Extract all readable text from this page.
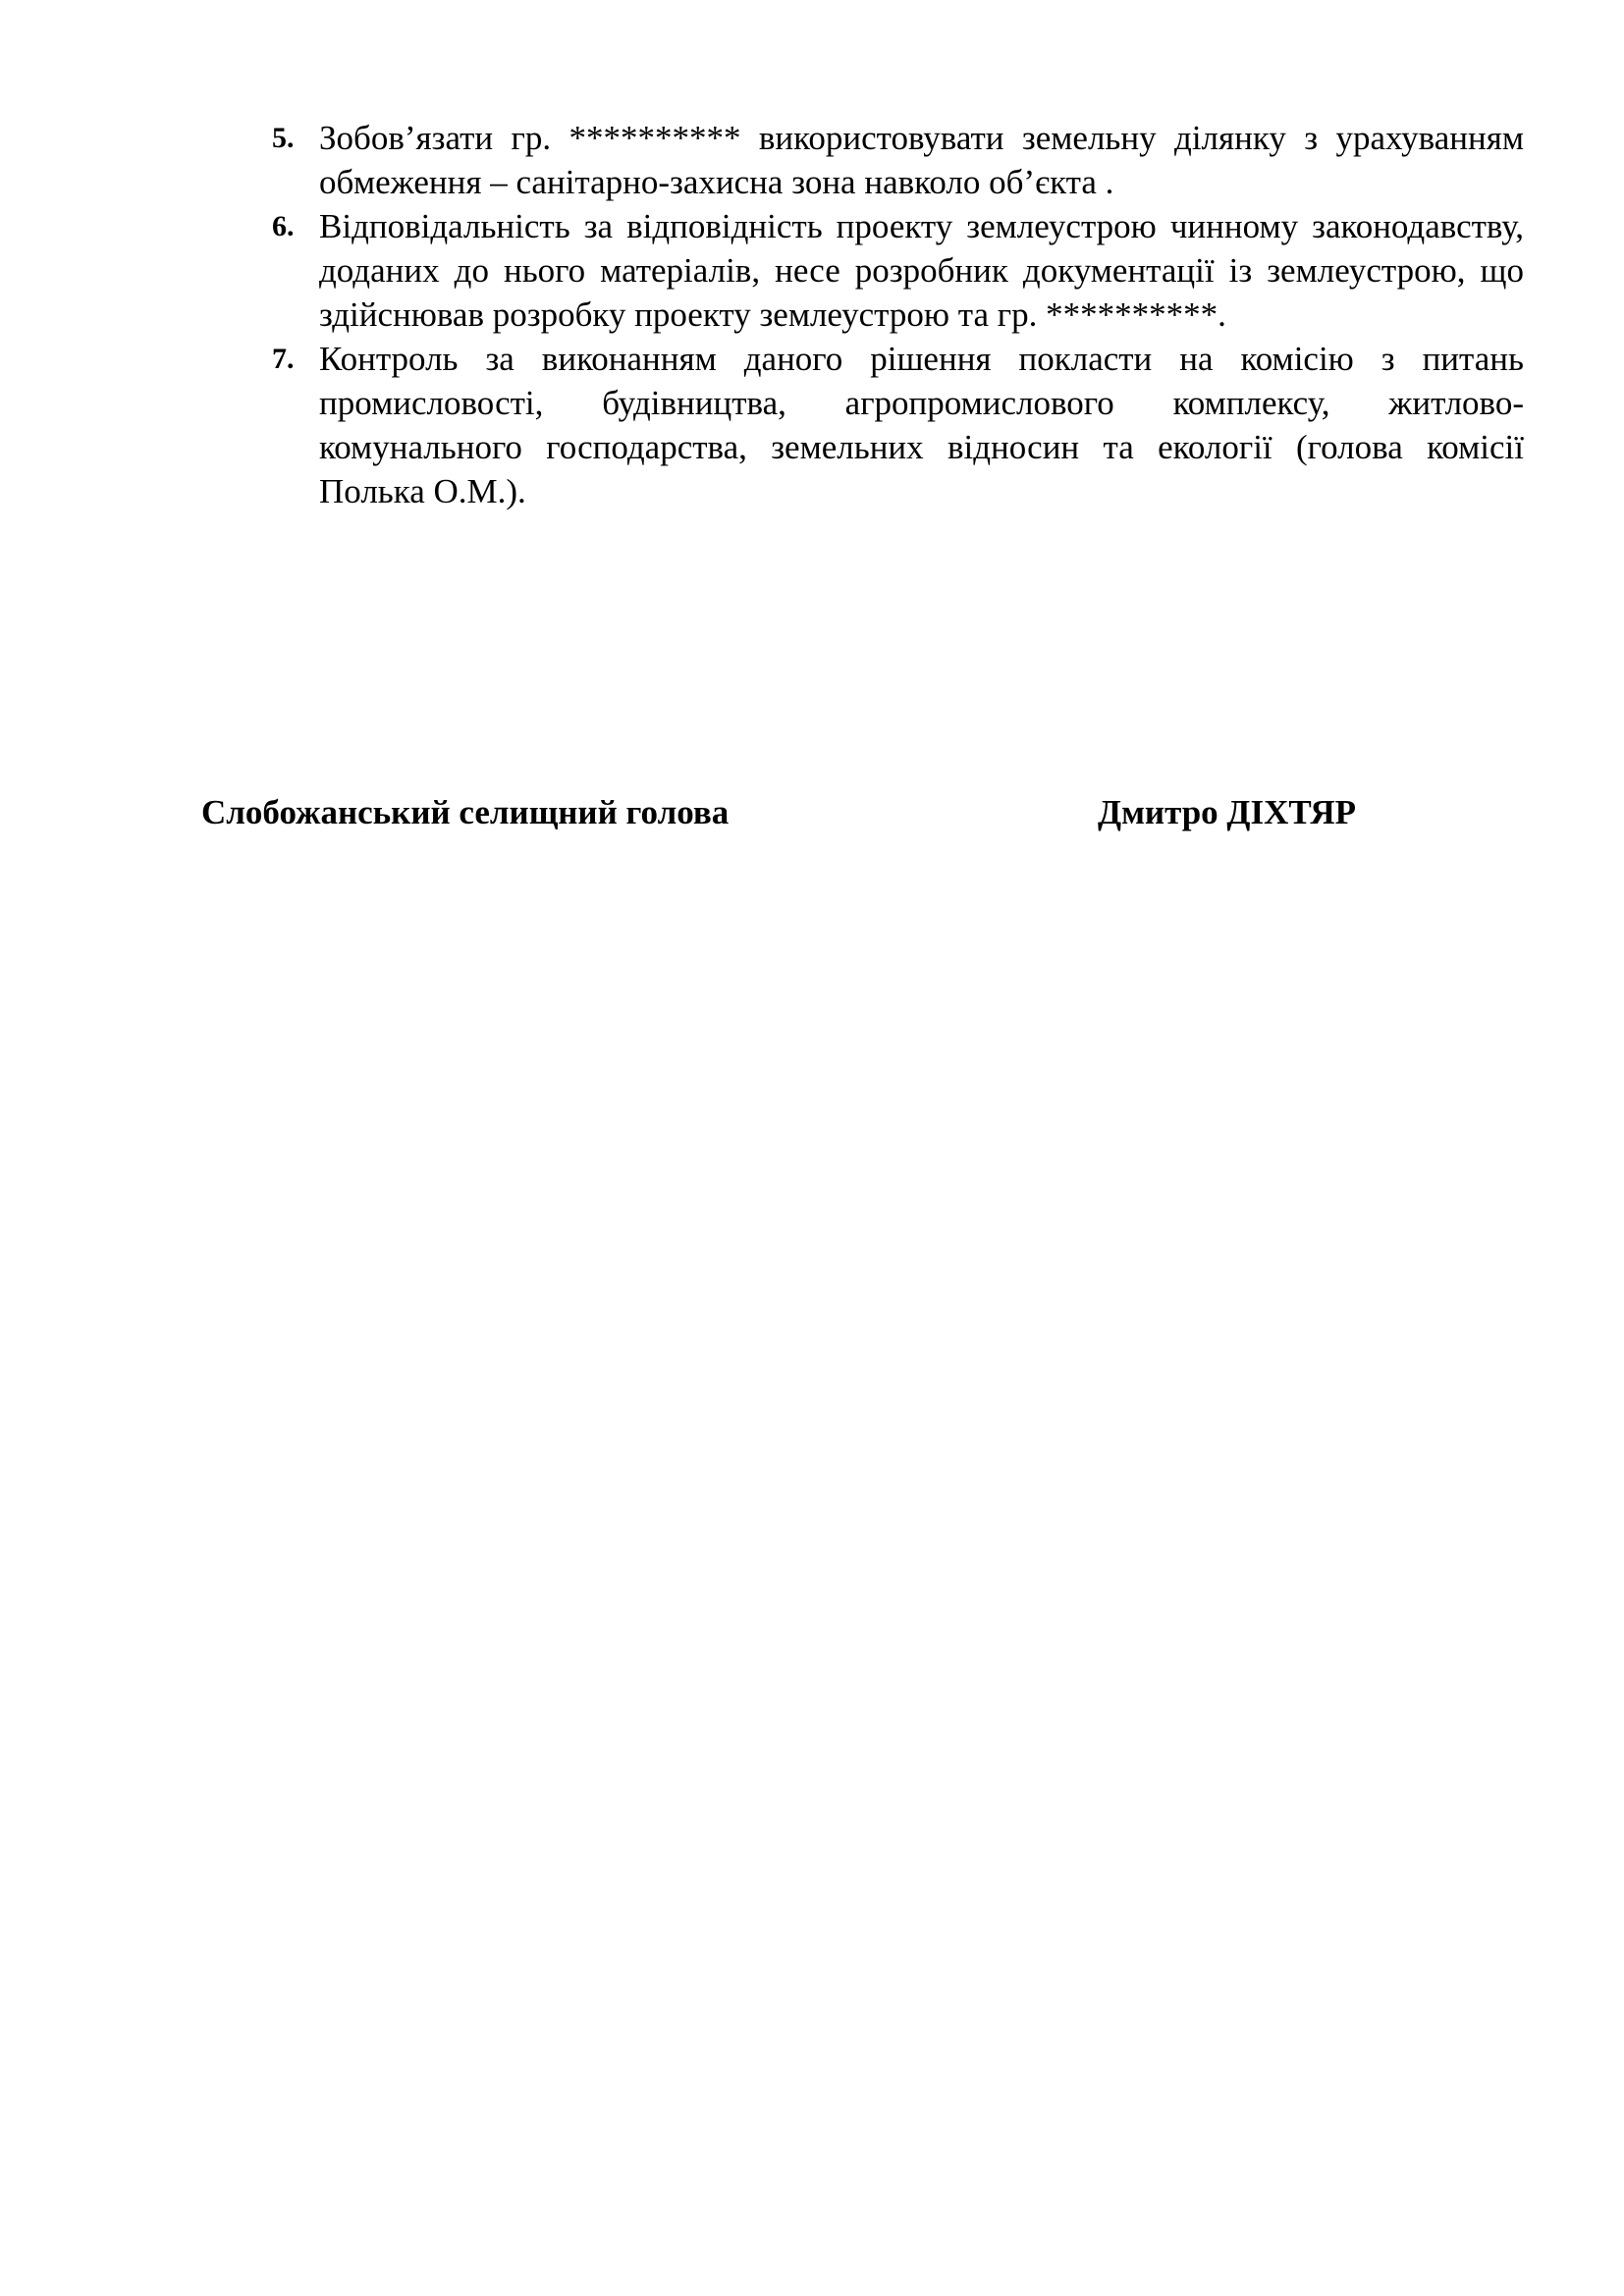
5. Зобов’язати гр. ********** використовувати земельну ділянку з урахуванням обмеження – санітарно-захисна зона навколо об’єкта .
6. Відповідальність за відповідність проекту землеустрою чинному законодавству, доданих до нього матеріалів, несе розробник документації із землеустрою, що здійснював розробку проекту землеустрою та гр. **********.
7. Контроль за виконанням даного рішення покласти на комісію з питань промисловості, будівництва, агропромислового комплексу, житлово-комунального господарства, земельних відносин та екології (голова комісії Полька О.М.).
Слобожанський селищний голова	Дмитро ДІХТЯР
